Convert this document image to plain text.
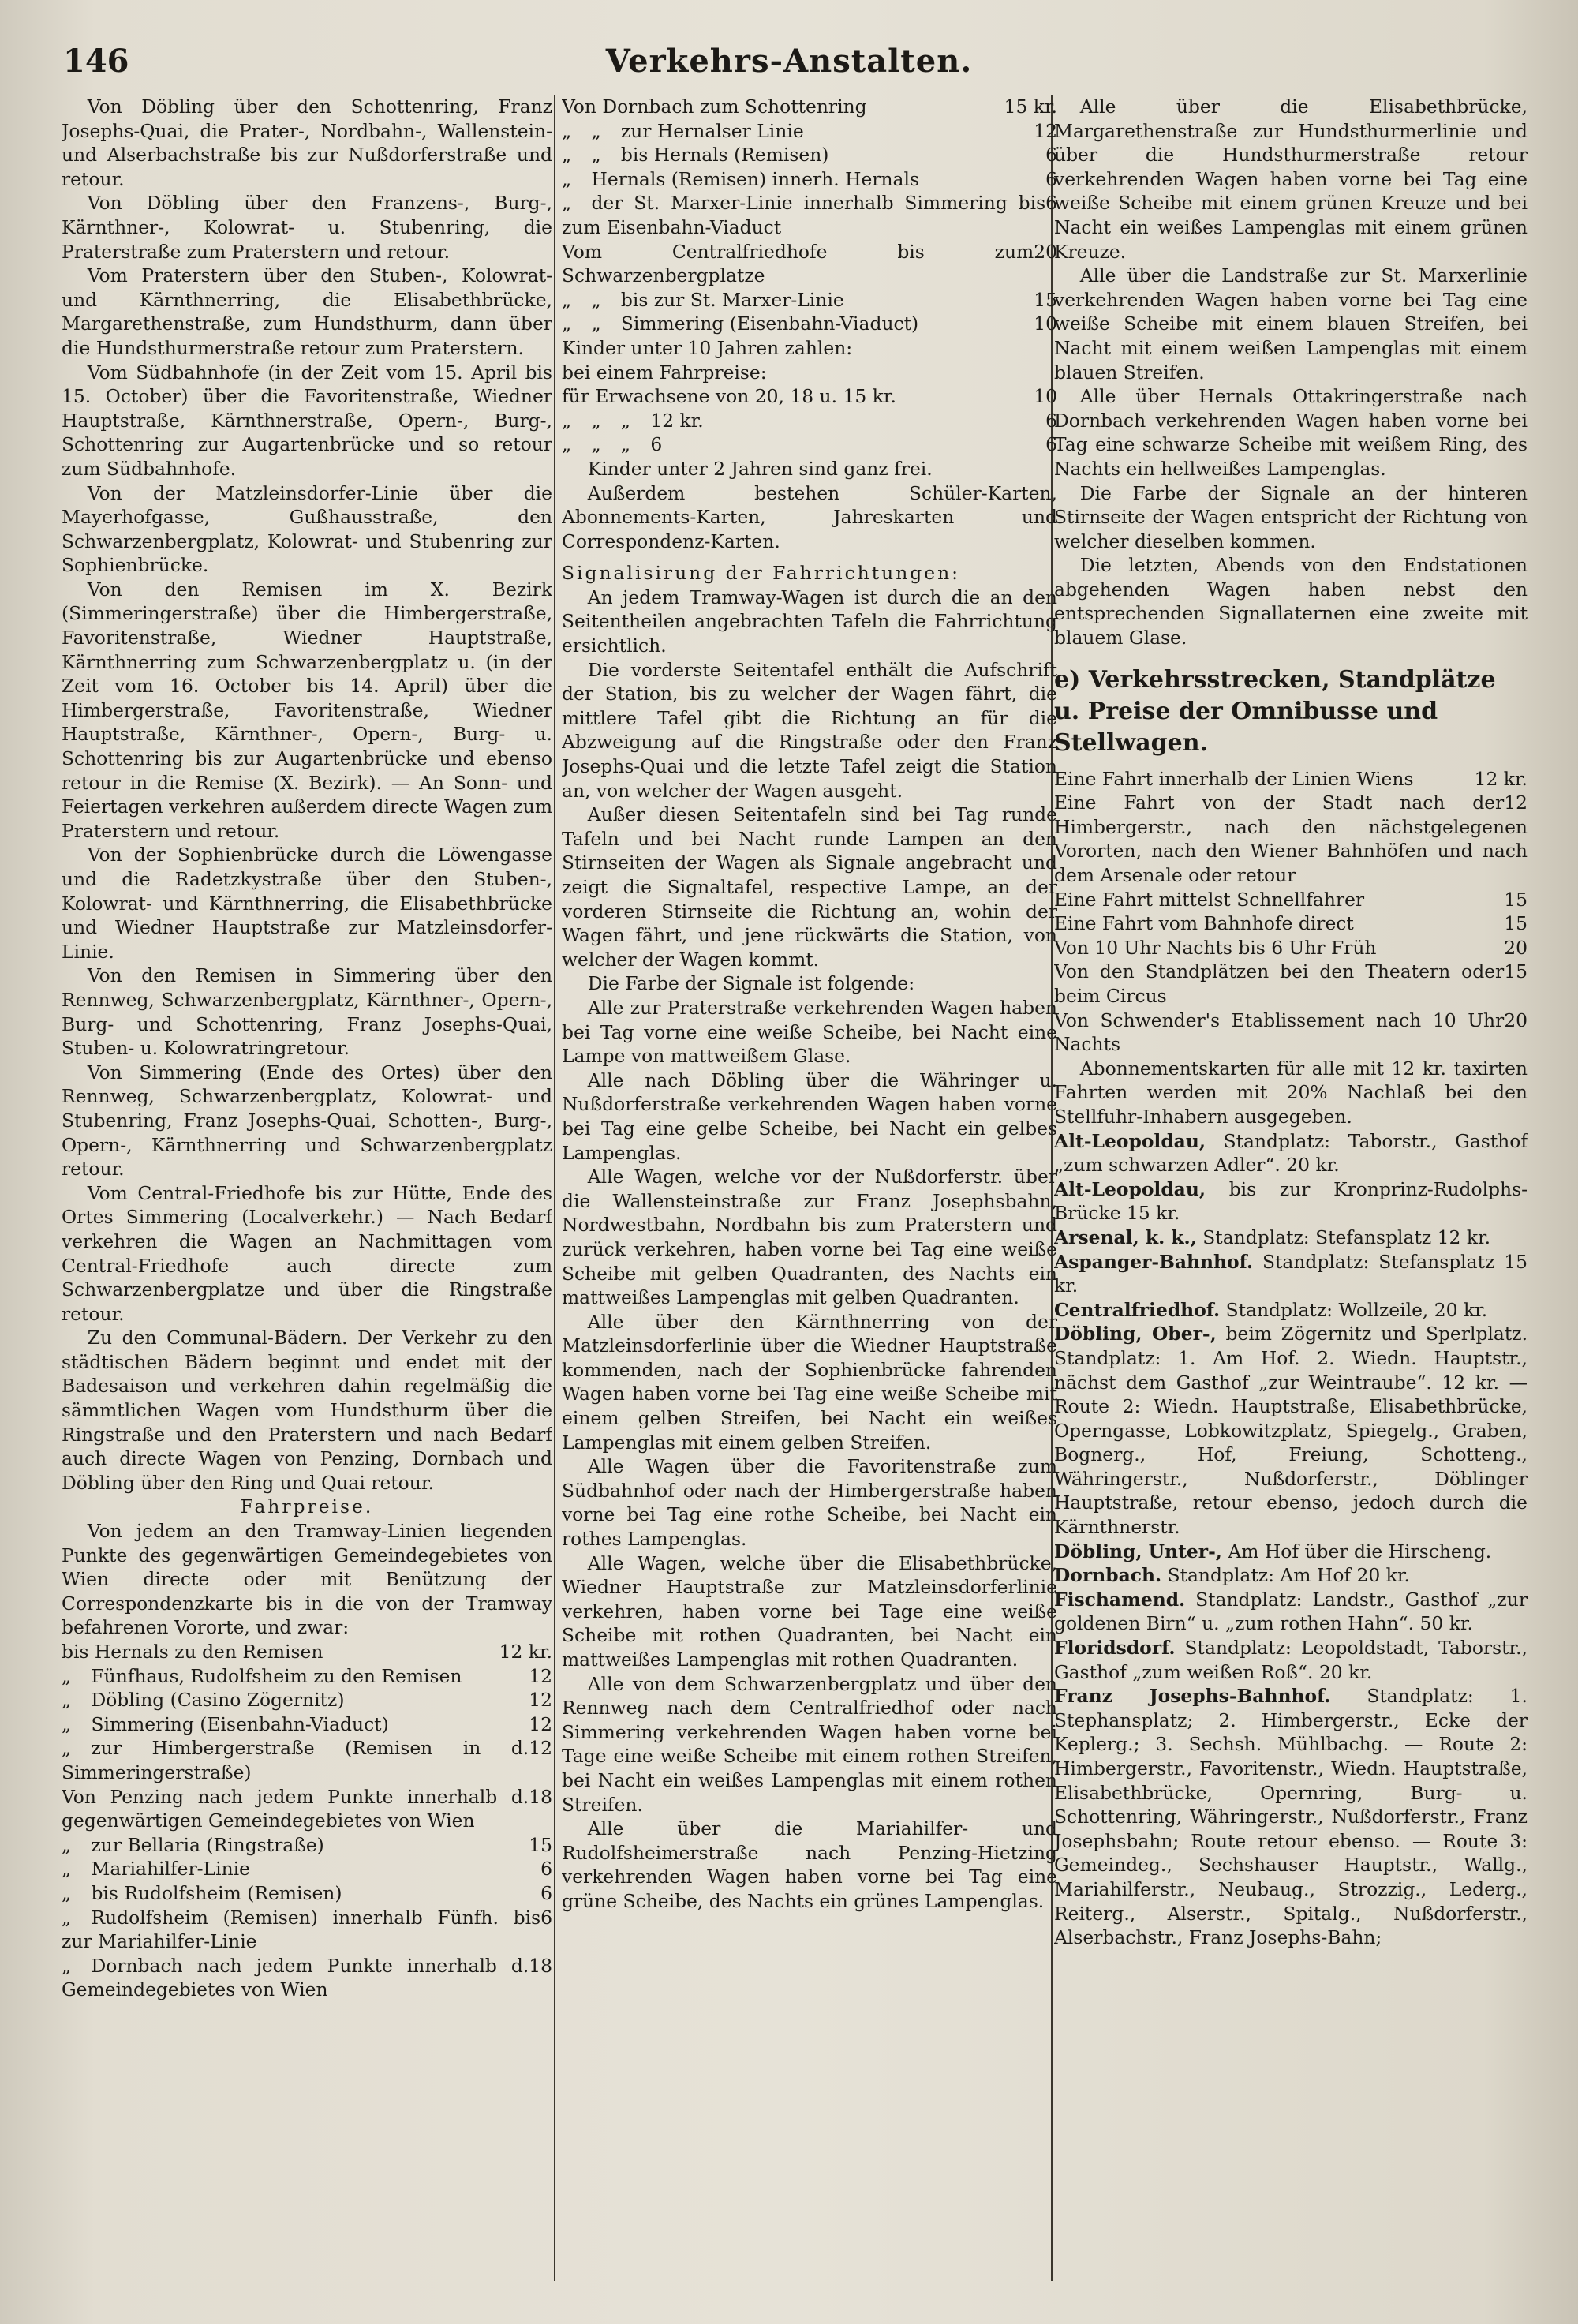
146	Verkehrs-Anstalten.

Von Döbling über den Schottenring, Franz Josephs-Quai, die Prater-, Nordbahn-, Wallenstein- und Alserbachstraße bis zur Nußdorferstraße und retour.

Von Döbling über den Franzens-, Burg-, Kärnthner-, Kolowrat- u. Stubenring, die Praterstraße zum Praterstern und retour.

Vom Praterstern über den Stuben-, Kolowrat- und Kärnthnerring, die Elisabethbrücke, Margarethenstraße, zum Hundsthurm, dann über die Hundsthurmerstraße retour zum Praterstern.

Vom Südbahnhofe (in der Zeit vom 15. April bis 15. October) über die Favoritenstraße, Wiedner Hauptstraße, Kärnthnerstraße, Opern-, Burg-, Schottenring zur Augartenbrücke und so retour zum Südbahnhofe.

Von der Matzleinsdorfer-Linie über die Mayerhofgasse, Gußhausstraße, den Schwarzenbergplatz, Kolowrat- und Stubenring zur Sophienbrücke.

Von den Remisen im X. Bezirk (Simmeringerstraße) über die Himbergerstraße, Favoritenstraße, Wiedner Hauptstraße, Kärnthnerring zum Schwarzenbergplatz u. (in der Zeit vom 16. October bis 14. April) über die Himbergerstraße, Favoritenstraße, Wiedner Hauptstraße, Kärnthner-, Opern-, Burg- u. Schottenring bis zur Augartenbrücke und ebenso retour in die Remise (X. Bezirk). — An Sonn- und Feiertagen verkehren außerdem directe Wagen zum Praterstern und retour.

Von der Sophienbrücke durch die Löwengasse und die Radetzkystraße über den Stuben-, Kolowrat- und Kärnthnerring, die Elisabethbrücke und Wiedner Hauptstraße zur Matzleinsdorfer-Linie.

Von den Remisen in Simmering über den Rennweg, Schwarzenbergplatz, Kärnthner-, Opern-, Burg- und Schottenring, Franz Josephs-Quai, Stuben- u. Kolowratringretour.

Von Simmering (Ende des Ortes) über den Rennweg, Schwarzenbergplatz, Kolowrat- und Stubenring, Franz Josephs-Quai, Schotten-, Burg-, Opern-, Kärnthnerring und Schwarzenbergplatz retour.

Vom Central-Friedhofe bis zur Hütte, Ende des Ortes Simmering (Localverkehr.) — Nach Bedarf verkehren die Wagen an Nachmittagen vom Central-Friedhofe auch directe zum Schwarzenbergplatze und über die Ringstraße retour.

Zu den Communal-Bädern. Der Verkehr zu den städtischen Bädern beginnt und endet mit der Badesaison und verkehren dahin regelmäßig die sämmtlichen Wagen vom Hundsthurm über die Ringstraße und den Praterstern und nach Bedarf auch directe Wagen von Penzing, Dornbach und Döbling über den Ring und Quai retour.

Fahrpreise.

Von jedem an den Tramway-Linien liegenden Punkte des gegenwärtigen Gemeindegebietes von Wien directe oder mit Benützung der Correspondenzkarte bis in die von der Tramway befahrenen Vororte, und zwar:

12 kr.
bis Hernals zu den Remisen

12
„ Fünfhaus, Rudolfsheim zu den Remisen

12
„ Döbling (Casino Zögernitz)

12
„ Simmering (Eisenbahn-Viaduct)

12
„ zur Himbergerstraße (Remisen in d. Simmeringerstraße)

18
Von Penzing nach jedem Punkte innerhalb d. gegenwärtigen Gemeindegebietes von Wien

15
„ zur Bellaria (Ringstraße)

6
„ Mariahilfer-Linie

6
„ bis Rudolfsheim (Remisen)

6
„ Rudolfsheim (Remisen) innerhalb Fünfh. bis zur Mariahilfer-Linie

18
„ Dornbach nach jedem Punkte innerhalb d. Gemeindegebietes von Wien

15 kr.
Von Dornbach zum Schottenring

12
„ „ zur Hernalser Linie

6
„ „ bis Hernals (Remisen)

6
„ Hernals (Remisen) innerh. Hernals

6
„ der St. Marxer-Linie innerhalb Simmering bis zum Eisenbahn-Viaduct

20
Vom Centralfriedhofe bis zum Schwarzenbergplatze

15
„ „ bis zur St. Marxer-Linie

10
„ „ Simmering (Eisenbahn-Viaduct)

Kinder unter 10 Jahren zahlen:

bei einem Fahrpreise:

10
für Erwachsene von 20, 18 u. 15 kr.

6
„ „ „ 12 kr.

6
„ „ „ 6

Kinder unter 2 Jahren sind ganz frei.

Außerdem bestehen Schüler-Karten, Abonnements-Karten, Jahreskarten und Correspondenz-Karten.

Signalisirung der Fahrrichtungen:

An jedem Tramway-Wagen ist durch die an den Seitentheilen angebrachten Tafeln die Fahrrichtung ersichtlich.

Die vorderste Seitentafel enthält die Aufschrift der Station, bis zu welcher der Wagen fährt, die mittlere Tafel gibt die Richtung an für die Abzweigung auf die Ringstraße oder den Franz Josephs-Quai und die letzte Tafel zeigt die Station an, von welcher der Wagen ausgeht.

Außer diesen Seitentafeln sind bei Tag runde Tafeln und bei Nacht runde Lampen an den Stirnseiten der Wagen als Signale angebracht und zeigt die Signaltafel, respective Lampe, an der vorderen Stirnseite die Richtung an, wohin der Wagen fährt, und jene rückwärts die Station, von welcher der Wagen kommt.

Die Farbe der Signale ist folgende:

Alle zur Praterstraße verkehrenden Wagen haben bei Tag vorne eine weiße Scheibe, bei Nacht eine Lampe von mattweißem Glase.

Alle nach Döbling über die Währinger u. Nußdorferstraße verkehrenden Wagen haben vorne bei Tag eine gelbe Scheibe, bei Nacht ein gelbes Lampenglas.

Alle Wagen, welche vor der Nußdorferstr. über die Wallensteinstraße zur Franz Josephsbahn, Nordwestbahn, Nordbahn bis zum Praterstern und zurück verkehren, haben vorne bei Tag eine weiße Scheibe mit gelben Quadranten, des Nachts ein mattweißes Lampenglas mit gelben Quadranten.

Alle über den Kärnthnerring von der Matzleinsdorferlinie über die Wiedner Hauptstraße kommenden, nach der Sophienbrücke fahrenden Wagen haben vorne bei Tag eine weiße Scheibe mit einem gelben Streifen, bei Nacht ein weißes Lampenglas mit einem gelben Streifen.

Alle Wagen über die Favoritenstraße zum Südbahnhof oder nach der Himbergerstraße haben vorne bei Tag eine rothe Scheibe, bei Nacht ein rothes Lampenglas.

Alle Wagen, welche über die Elisabethbrücke, Wiedner Hauptstraße zur Matzleinsdorferlinie verkehren, haben vorne bei Tage eine weiße Scheibe mit rothen Quadranten, bei Nacht ein mattweißes Lampenglas mit rothen Quadranten.

Alle von dem Schwarzenbergplatz und über den Rennweg nach dem Centralfriedhof oder nach Simmering verkehrenden Wagen haben vorne bei Tage eine weiße Scheibe mit einem rothen Streifen, bei Nacht ein weißes Lampenglas mit einem rothen Streifen.

Alle über die Mariahilfer- und Rudolfsheimerstraße nach Penzing-Hietzing verkehrenden Wagen haben vorne bei Tag eine grüne Scheibe, des Nachts ein grünes Lampenglas.

Alle über die Elisabethbrücke, Margarethenstraße zur Hundsthurmerlinie und über die Hundsthurmerstraße retour verkehrenden Wagen haben vorne bei Tag eine weiße Scheibe mit einem grünen Kreuze und bei Nacht ein weißes Lampenglas mit einem grünen Kreuze.

Alle über die Landstraße zur St. Marxerlinie verkehrenden Wagen haben vorne bei Tag eine weiße Scheibe mit einem blauen Streifen, bei Nacht mit einem weißen Lampenglas mit einem blauen Streifen.

Alle über Hernals Ottakringerstraße nach Dornbach verkehrenden Wagen haben vorne bei Tag eine schwarze Scheibe mit weißem Ring, des Nachts ein hellweißes Lampenglas.

Die Farbe der Signale an der hinteren Stirnseite der Wagen entspricht der Richtung von welcher dieselben kommen.

Die letzten, Abends von den Endstationen abgehenden Wagen haben nebst den entsprechenden Signallaternen eine zweite mit blauem Glase.

e) Verkehrsstrecken, Standplätze u. Preise der Omnibusse und Stellwagen.

12 kr.
Eine Fahrt innerhalb der Linien Wiens

12
Eine Fahrt von der Stadt nach der Himbergerstr., nach den nächstgelegenen Vororten, nach den Wiener Bahnhöfen und nach dem Arsenale oder retour

15
Eine Fahrt mittelst Schnellfahrer

15
Eine Fahrt vom Bahnhofe direct

20
Von 10 Uhr Nachts bis 6 Uhr Früh

15
Von den Standplätzen bei den Theatern oder beim Circus

20
Von Schwender's Etablissement nach 10 Uhr Nachts

Abonnementskarten für alle mit 12 kr. taxirten Fahrten werden mit 20% Nachlaß bei den Stellfuhr-Inhabern ausgegeben.

Alt-Leopoldau, Standplatz: Taborstr., Gasthof „zum schwarzen Adler“. 20 kr.

Alt-Leopoldau, bis zur Kronprinz-Rudolphs-Brücke 15 kr.

Arsenal, k. k., Standplatz: Stefansplatz 12 kr.

Aspanger-Bahnhof. Standplatz: Stefansplatz 15 kr.

Centralfriedhof. Standplatz: Wollzeile, 20 kr.

Döbling, Ober-, beim Zögernitz und Sperlplatz. Standplatz: 1. Am Hof. 2. Wiedn. Hauptstr., nächst dem Gasthof „zur Weintraube“. 12 kr. — Route 2: Wiedn. Hauptstraße, Elisabethbrücke, Operngasse, Lobkowitzplatz, Spiegelg., Graben, Bognerg., Hof, Freiung, Schotteng., Währingerstr., Nußdorferstr., Döblinger Hauptstraße, retour ebenso, jedoch durch die Kärnthnerstr.

Döbling, Unter-, Am Hof über die Hirscheng.

Dornbach. Standplatz: Am Hof 20 kr.

Fischamend. Standplatz: Landstr., Gasthof „zur goldenen Birn“ u. „zum rothen Hahn“. 50 kr.

Floridsdorf. Standplatz: Leopoldstadt, Taborstr., Gasthof „zum weißen Roß“. 20 kr.

Franz Josephs-Bahnhof. Standplatz: 1. Stephansplatz; 2. Himbergerstr., Ecke der Keplerg.; 3. Sechsh. Mühlbachg. — Route 2: Himbergerstr., Favoritenstr., Wiedn. Hauptstraße, Elisabethbrücke, Opernring, Burg- u. Schottenring, Währingerstr., Nußdorferstr., Franz Josephsbahn; Route retour ebenso. — Route 3: Gemeindeg., Sechshauser Hauptstr., Wallg., Mariahilferstr., Neubaug., Strozzig., Lederg., Reiterg., Alserstr., Spitalg., Nußdorferstr., Alserbachstr., Franz Josephs-Bahn;
